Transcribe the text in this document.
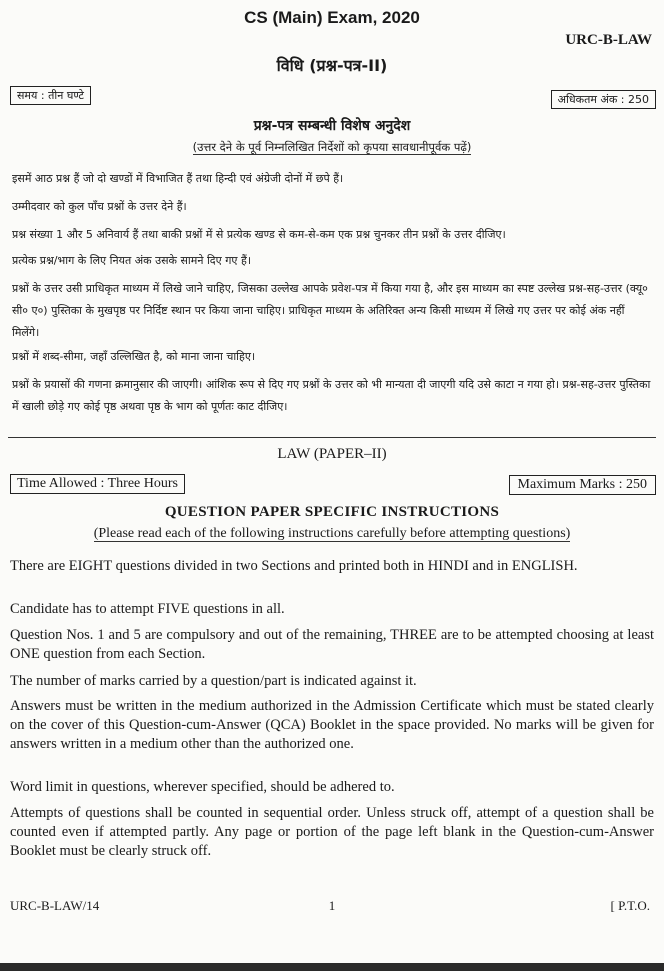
CS (Main) Exam, 2020
URC-B-LAW
विधि (प्रश्न-पत्र-II)
समय : तीन घण्टे	अधिकतम अंक : 250
प्रश्न-पत्र सम्बन्धी विशेष अनुदेश
(उत्तर देने के पूर्व निम्नलिखित निर्देशों को कृपया सावधानीपूर्वक पढ़ें)
इसमें आठ प्रश्न हैं जो दो खण्डों में विभाजित हैं तथा हिन्दी एवं अंग्रेजी दोनों में छपे हैं।
उम्मीदवार को कुल पाँच प्रश्नों के उत्तर देने हैं।
प्रश्न संख्या 1 और 5 अनिवार्य हैं तथा बाकी प्रश्नों में से प्रत्येक खण्ड से कम-से-कम एक प्रश्न चुनकर तीन प्रश्नों के उत्तर दीजिए।
प्रत्येक प्रश्न/भाग के लिए नियत अंक उसके सामने दिए गए हैं।
प्रश्नों के उत्तर उसी प्राधिकृत माध्यम में लिखे जाने चाहिए, जिसका उल्लेख आपके प्रवेश-पत्र में किया गया है, और इस माध्यम का स्पष्ट उल्लेख प्रश्न-सह-उत्तर (क्यू० सी० ए०) पुस्तिका के मुखपृष्ठ पर निर्दिष्ट स्थान पर किया जाना चाहिए। प्राधिकृत माध्यम के अतिरिक्त अन्य किसी माध्यम में लिखे गए उत्तर पर कोई अंक नहीं मिलेंगे।
प्रश्नों में शब्द-सीमा, जहाँ उल्लिखित है, को माना जाना चाहिए।
प्रश्नों के प्रयासों की गणना क्रमानुसार की जाएगी। आंशिक रूप से दिए गए प्रश्नों के उत्तर को भी मान्यता दी जाएगी यदि उसे काटा न गया हो। प्रश्न-सह-उत्तर पुस्तिका में खाली छोड़े गए कोई पृष्ठ अथवा पृष्ठ के भाग को पूर्णतः काट दीजिए।
LAW (PAPER–II)
Time Allowed : Three Hours	Maximum Marks : 250
QUESTION PAPER SPECIFIC INSTRUCTIONS
(Please read each of the following instructions carefully before attempting questions)
There are EIGHT questions divided in two Sections and printed both in HINDI and in ENGLISH.
Candidate has to attempt FIVE questions in all.
Question Nos. 1 and 5 are compulsory and out of the remaining, THREE are to be attempted choosing at least ONE question from each Section.
The number of marks carried by a question/part is indicated against it.
Answers must be written in the medium authorized in the Admission Certificate which must be stated clearly on the cover of this Question-cum-Answer (QCA) Booklet in the space provided. No marks will be given for answers written in a medium other than the authorized one.
Word limit in questions, wherever specified, should be adhered to.
Attempts of questions shall be counted in sequential order. Unless struck off, attempt of a question shall be counted even if attempted partly. Any page or portion of the page left blank in the Question-cum-Answer Booklet must be clearly struck off.
URC-B-LAW/14	1	[ P.T.O.
